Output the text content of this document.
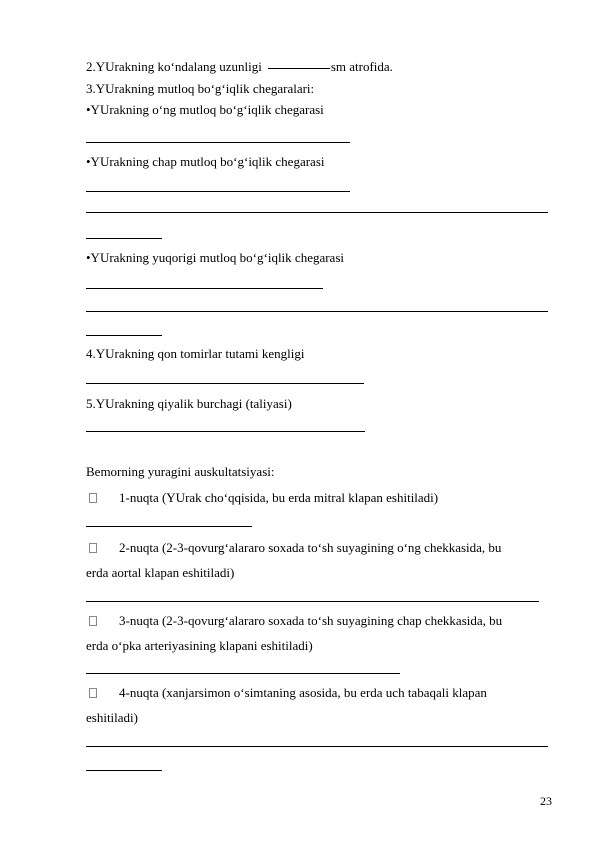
2.YUrakning ko‘ndalang uzunligi	sm atrofida.
3.YUrakning mutloq bo‘g‘iqlik chegaralari:
•YUrakning o‘ng mutloq bo‘g‘iqlik chegarasi
•YUrakning chap mutloq bo‘g‘iqlik chegarasi
•YUrakning yuqorigi mutloq bo‘g‘iqlik chegarasi
4.YUrakning qon tomirlar tutami kengligi
5.YUrakning qiyalik burchagi (taliyasi)
Bemorning yuragini auskultatsiyasi:
1-nuqta (YUrak cho‘qqisida, bu erda mitral klapan eshitiladi)
2-nuqta (2-3-qovurg‘alararo soxada to‘sh suyagining o‘ng chekkasida, bu
erda aortal klapan eshitiladi)
3-nuqta (2-3-qovurg‘alararo soxada to‘sh suyagining chap chekkasida, bu
erda o‘pka arteriyasining klapani eshitiladi)
4-nuqta (xanjarsimon o‘simtaning asosida, bu erda uch tabaqali klapan
eshitiladi)
23
